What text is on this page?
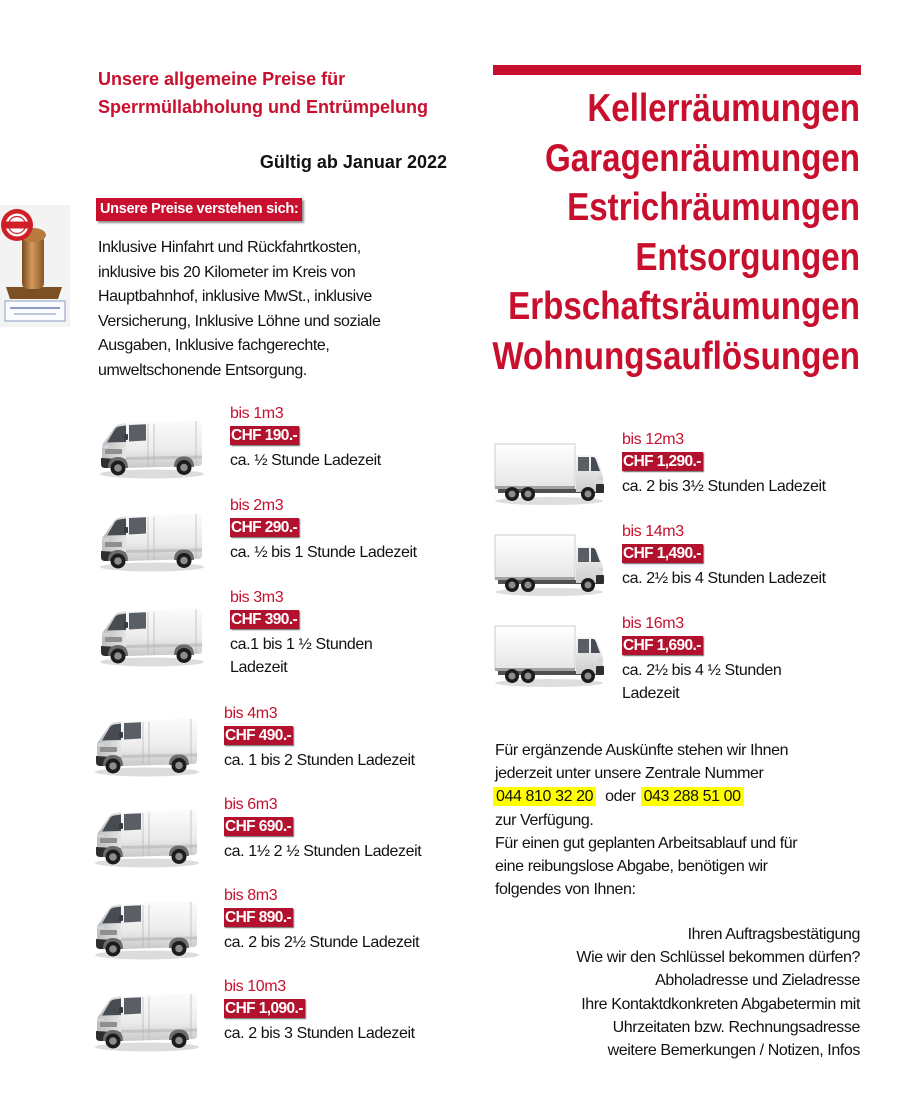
Unsere allgemeine Preise für
Sperrmüllabholung und Entrümpelung
Gültig ab Januar 2022
Unsere Preise verstehen sich:
Inklusive Hinfahrt und Rückfahrtkosten,
inklusive bis 20 Kilometer im Kreis von
Hauptbahnhof, inklusive MwSt., inklusive
Versicherung, Inklusive Löhne und soziale
Ausgaben, Inklusive fachgerechte,
umweltschonende Entsorgung.
bis 1m3
CHF 190.-
ca. ½ Stunde Ladezeit
bis 2m3
CHF 290.-
ca. ½ bis 1 Stunde Ladezeit
bis 3m3
CHF 390.-
ca.1 bis 1 ½ Stunden Ladezeit
bis 4m3
CHF 490.-
ca. 1 bis 2 Stunden Ladezeit
bis 6m3
CHF 690.-
ca. 1½ 2 ½ Stunden Ladezeit
bis 8m3
CHF 890.-
ca. 2 bis 2½ Stunde Ladezeit
bis 10m3
CHF 1,090.-
ca. 2 bis 3 Stunden Ladezeit
Kellerräumungen
Garagenräumungen
Estrichräumungen
Entsorgungen
Erbschaftsräumungen
Wohnungsauflösungen
bis 12m3
CHF 1,290.-
ca. 2 bis 3½ Stunden Ladezeit
bis 14m3
CHF 1,490.-
ca. 2½ bis 4 Stunden Ladezeit
bis 16m3
CHF 1,690.-
ca. 2½ bis 4 ½ Stunden Ladezeit
Für ergänzende Auskünfte stehen wir Ihnen
jederzeit unter unsere Zentrale Nummer
044 810 32 20 oder 043 288 51 00
zur Verfügung.
Für einen gut geplanten Arbeitsablauf und für
eine reibungslose Abgabe, benötigen wir
folgendes von Ihnen:
Ihren Auftragsbestätigung
Wie wir den Schlüssel bekommen dürfen?
Abholadresse und Zieladresse
Ihre Kontaktdkonkreten Abgabetermin mit
Uhrzeitaten bzw. Rechnungsadresse
weitere Bemerkungen / Notizen, Infos
